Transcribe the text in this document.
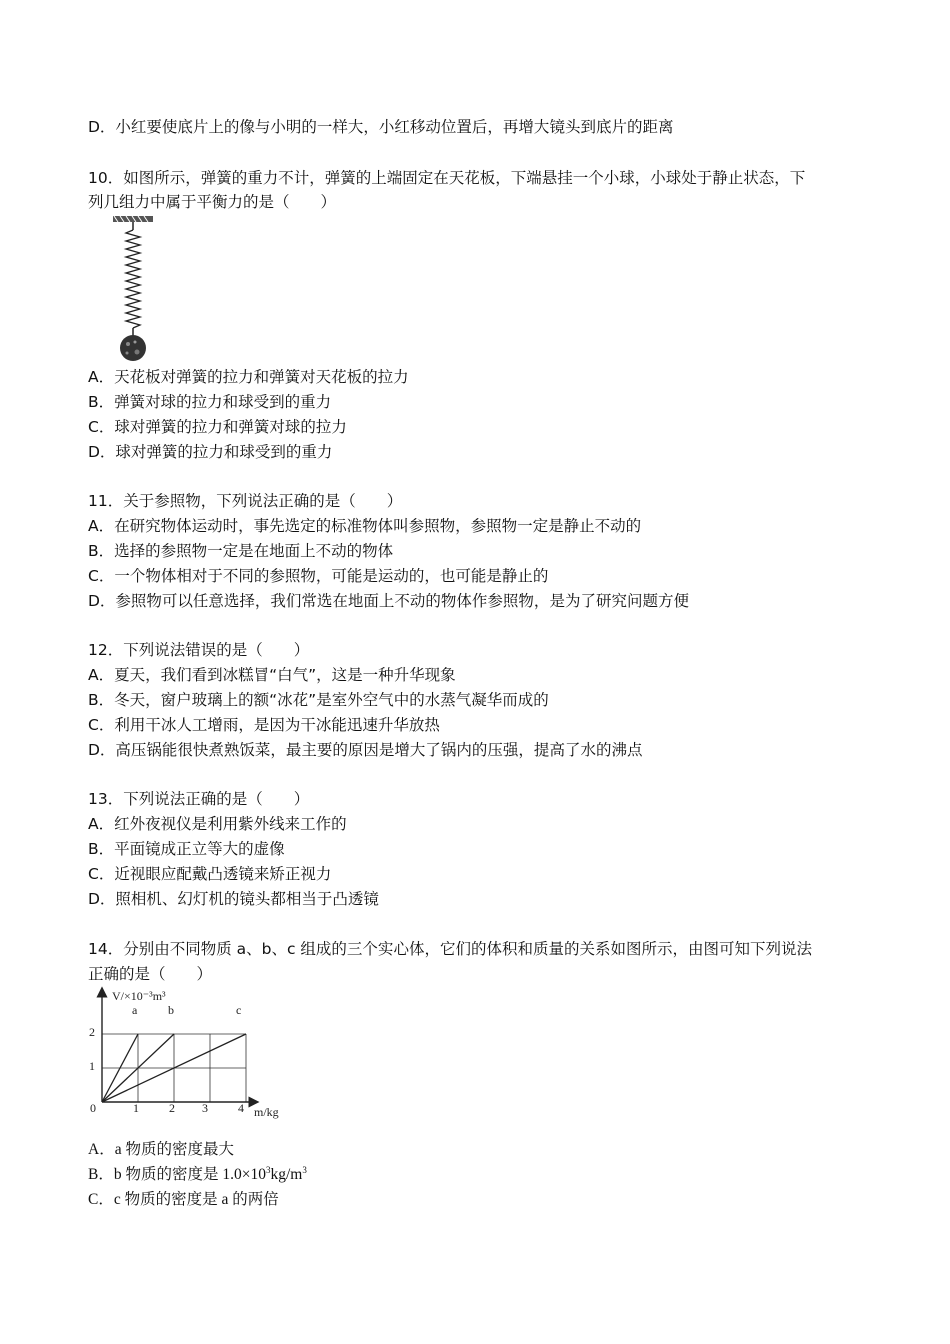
D．小红要使底片上的像与小明的一样大，小红移动位置后，再增大镜头到底片的距离
10．如图所示，弹簧的重力不计，弹簧的上端固定在天花板，下端悬挂一个小球，小球处于静止状态，下
列几组力中属于平衡力的是（　　）
A．天花板对弹簧的拉力和弹簧对天花板的拉力
B．弹簧对球的拉力和球受到的重力
C．球对弹簧的拉力和弹簧对球的拉力
D．球对弹簧的拉力和球受到的重力
11．关于参照物，下列说法正确的是（　　）
A．在研究物体运动时，事先选定的标准物体叫参照物，参照物一定是静止不动的
B．选择的参照物一定是在地面上不动的物体
C．一个物体相对于不同的参照物，可能是运动的，也可能是静止的
D．参照物可以任意选择，我们常选在地面上不动的物体作参照物，是为了研究问题方便
12．下列说法错误的是（　　）
A．夏天，我们看到冰糕冒“白气”，这是一种升华现象
B．冬天，窗户玻璃上的额“冰花”是室外空气中的水蒸气凝华而成的
C．利用干冰人工增雨，是因为干冰能迅速升华放热
D．高压锅能很快煮熟饭菜，最主要的原因是增大了锅内的压强，提高了水的沸点
13．下列说法正确的是（　　）
A．红外夜视仪是利用紫外线来工作的
B．平面镜成正立等大的虚像
C．近视眼应配戴凸透镜来矫正视力
D．照相机、幻灯机的镜头都相当于凸透镜
14．分别由不同物质 a、b、c 组成的三个实心体，它们的体积和质量的关系如图所示，由图可知下列说法
正确的是（　　）
V/×10⁻³m³
m/kg
0	1	2 3	4
1
2
a	b	c
A．a 物质的密度最大
B．b 物质的密度是 $1.0\times 10^3kg/m^3$
C．c 物质的密度是 a 的两倍
